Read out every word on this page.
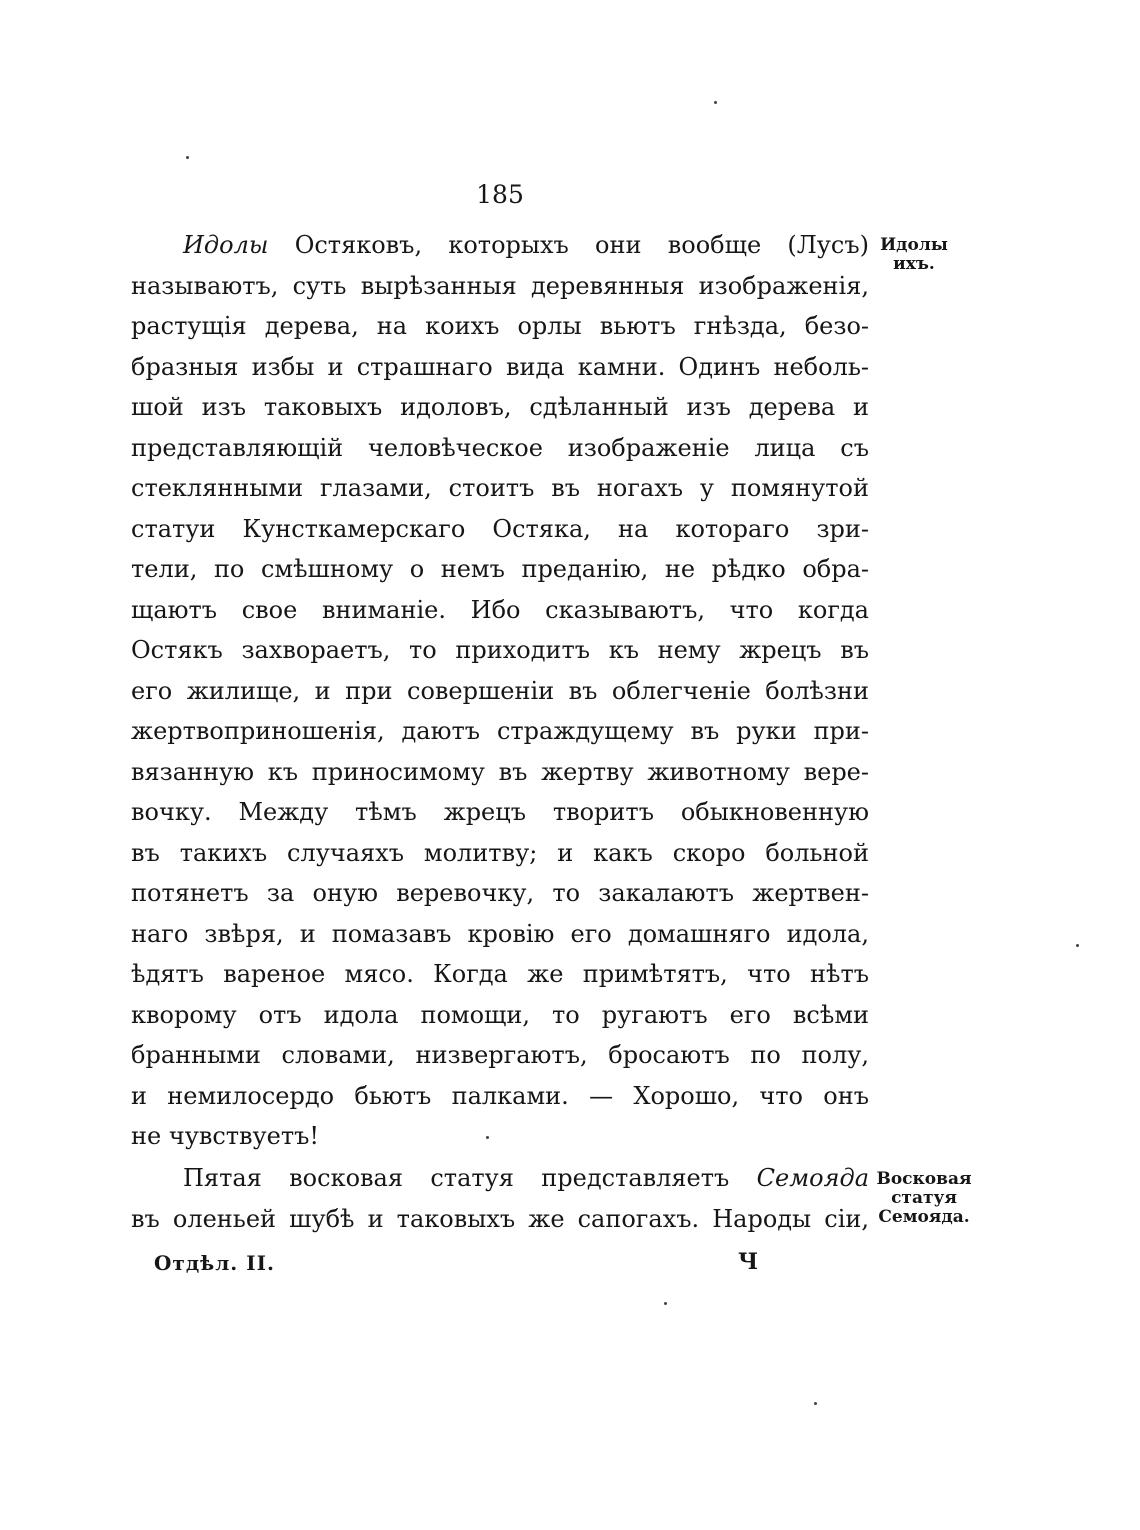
185
Идолы Остяковъ, которыхъ они вообще (Лусъ)
называютъ, суть вырѣзанныя деревянныя изображенія,
растущія дерева, на коихъ орлы вьютъ гнѣзда, безо-
бразныя избы и страшнаго вида камни. Одинъ неболь-
шой изъ таковыхъ идоловъ, сдѣланный изъ дерева и
представляющій человѣческое изображеніе лица съ
стеклянными глазами, стоитъ въ ногахъ у помянутой
статуи Кунсткамерскаго Остяка, на котораго зри-
тели, по смѣшному о немъ преданію, не рѣдко обра-
щаютъ свое вниманіе. Ибо сказываютъ, что когда
Остякъ захвораетъ, то приходитъ къ нему жрецъ въ
его жилище, и при совершеніи въ облегченіе болѣзни
жертвоприношенія, даютъ страждущему въ руки при-
вязанную къ приносимому въ жертву животному вере-
вочку. Между тѣмъ жрецъ творитъ обыкновенную
въ такихъ случаяхъ молитву; и какъ скоро больной
потянетъ за оную веревочку, то закалаютъ жертвен-
наго звѣря, и помазавъ кровію его домашняго идола,
ѣдятъ вареное мясо. Когда же примѣтятъ, что нѣтъ
кворому отъ идола помощи, то ругаютъ его всѣми
бранными словами, низвергаютъ, бросаютъ по полу,
и немилосердо бьютъ палками. — Хорошо, что онъ
не чувствуетъ!
Пятая восковая статуя представляетъ Семоядa
въ оленьей шубѣ и таковыхъ же сапогахъ. Народы сіи,
Идолы
ихъ.
Восковая
статуя
Семоядa.
Отдѣл. II.	Ч
